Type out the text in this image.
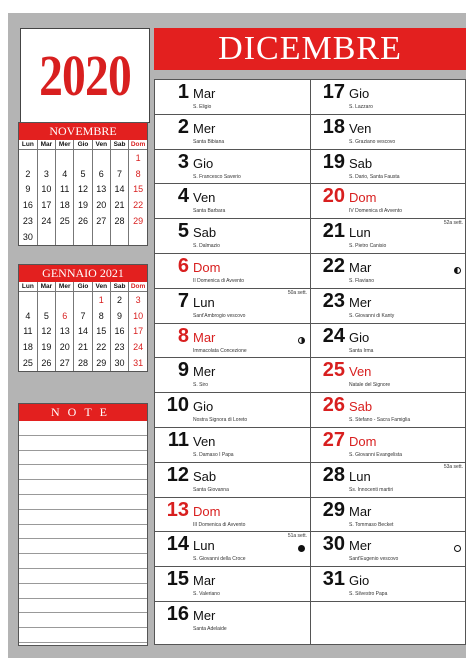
2020	DICEMBRE
1 Mar
S. Eligio
2 Mer
Santa Bibiana
3 Gio
S. Francesco Saverio
4 Ven
Santa Barbara
5 Sab
S. Dalmazio
6 Dom
II Domenica di Avvento
7 Lun
Sant'Ambrogio vescovo
50a sett.
8 Mar
Immacolata Concezione
9 Mer
S. Siro
10 Gio
Nostra Signora di Loreto
11 Ven
S. Damaso I Papa
12 Sab
Santa Giovanna
13 Dom
III Domenica di Avvento
14 Lun
S. Giovanni della Croce
51a sett.
15 Mar
S. Valeriano
16 Mer
Santa Adelaide
17 Gio
S. Lazzaro
18 Ven
S. Graziano vescovo
19 Sab
S. Dario, Santa Fausta
20 Dom
IV Domenica di Avvento
21 Lun
S. Pietro Canisio
52a sett.
22 Mar
S. Flaviano
23 Mer
S. Giovanni di Kanty
24 Gio
Santa Irma
25 Ven
Natale del Signore
26 Sab
S. Stefano - Sacra Famiglia
27 Dom
S. Giovanni Evangelista
28 Lun
Ss. Innocenti martiri
53a sett.
29 Mar
S. Tommaso Becket
30 Mer
Sant'Eugenio vescovo
31 Gio
S. Silvestro Papa
NOVEMBRE
Lun	Mar	Mer	Gio	Ven	Sab	Dom
						1
2	3	4	5	6	7	8
9	10	11	12	13	14	15
16	17	18	19	20	21	22
23	24	25	26	27	28	29
30						
GENNAIO 2021
Lun	Mar	Mer	Gio	Ven	Sab	Dom
				1	2	3
4	5	6	7	8	9	10
11	12	13	14	15	16	17
18	19	20	21	22	23	24
25	26	27	28	29	30	31
NOTE
